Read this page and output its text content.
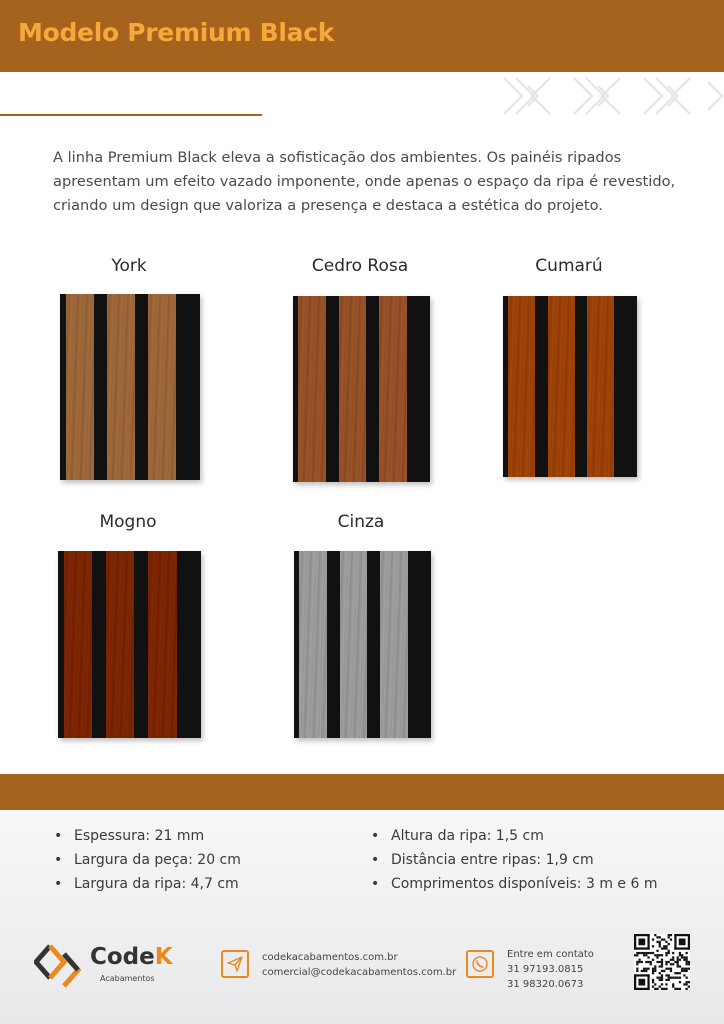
Modelo Premium Black

A linha Premium Black eleva a sofisticação dos ambientes. Os painéis ripados apresentam um efeito vazado imponente, onde apenas o espaço da ripa é revestido, criando um design que valoriza a presença e destaca a estética do projeto.

York	Cedro Rosa	Cumarú
Mogno	Cinza
• Espessura: 21 mm
• Largura da peça: 20 cm
• Largura da ripa: 4,7 cm
• Altura da ripa: 1,5 cm
• Distância entre ripas: 1,9 cm
• Comprimentos disponíveis: 3 m e 6 m
CodeK
Acabamentos
codekacabamentos.com.br
comercial@codekacabamentos.com.br
Entre em contato
31 97193.0815
31 98320.0673
